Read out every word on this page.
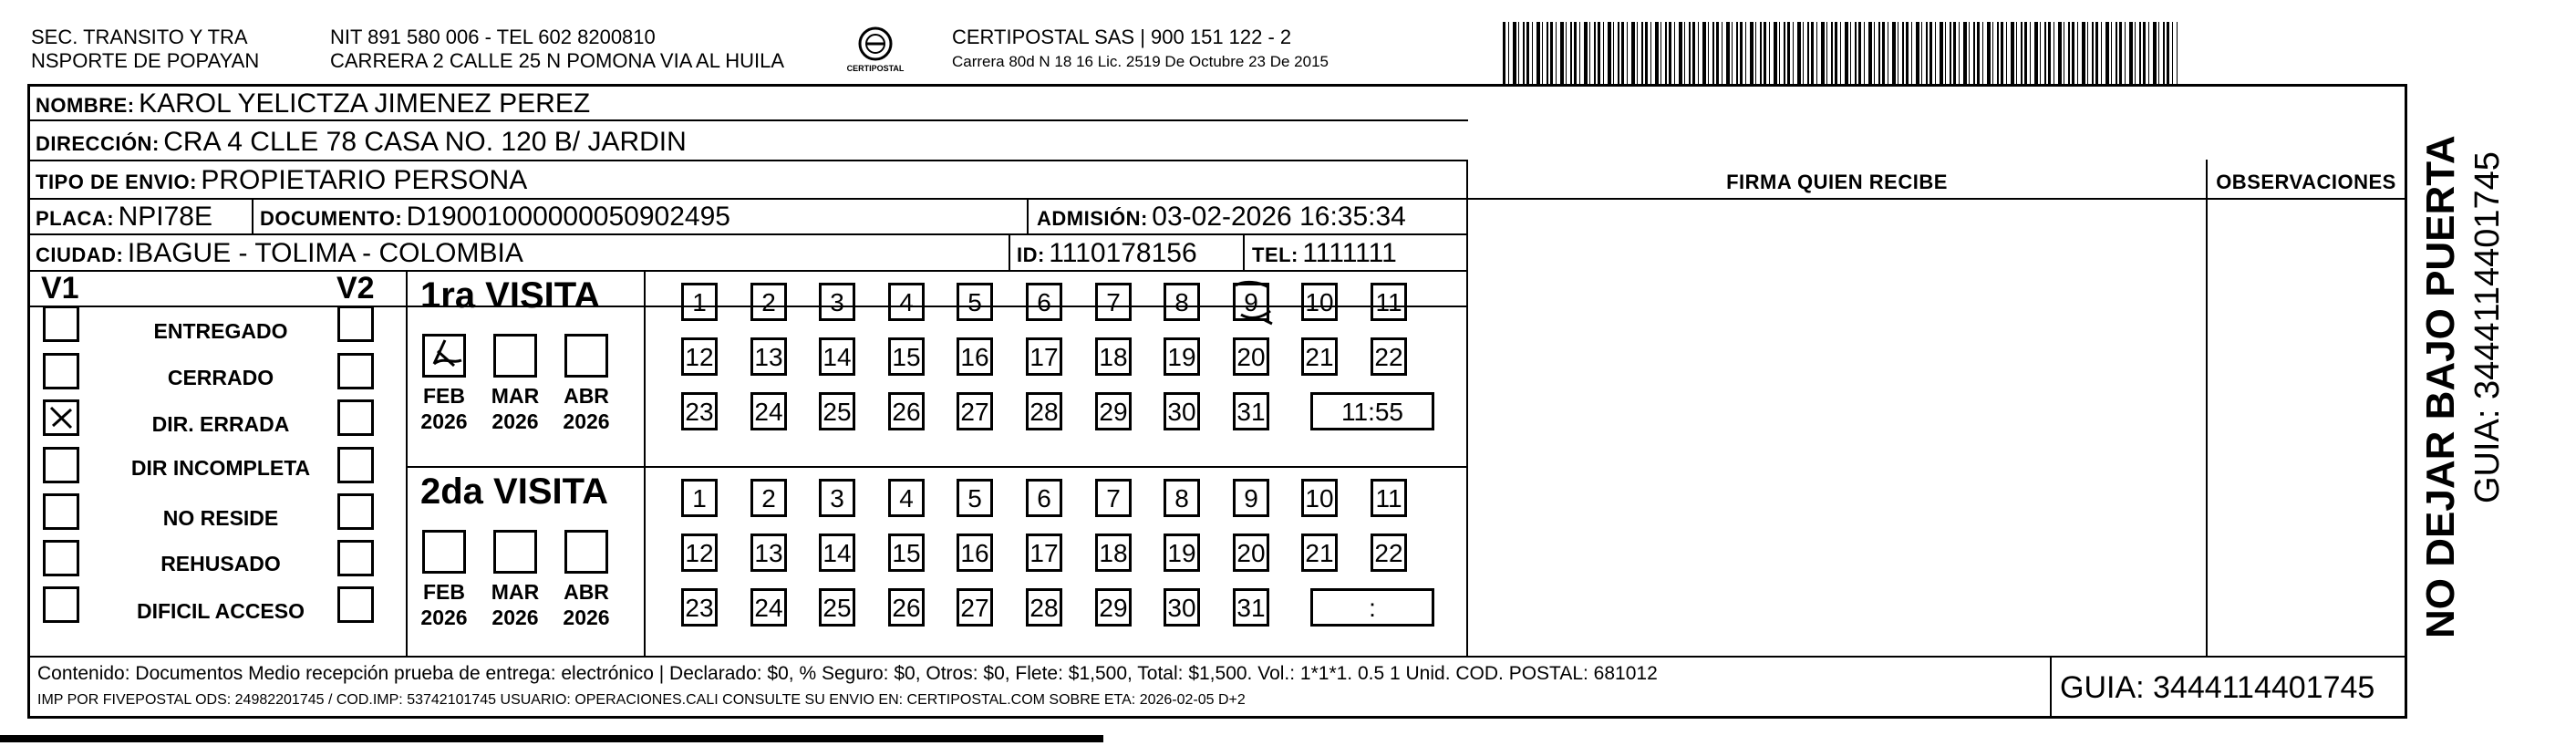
SEC. TRANSITO Y TRA
NSPORTE DE POPAYAN
NIT 891 580 006 - TEL 602 8200810
CARRERA 2 CALLE 25 N POMONA VIA AL HUILA	CERTIPOSTAL
CERTIPOSTAL SAS | 900 151 122 - 2
Carrera 80d N 18 16 Lic. 2519 De Octubre 23 De 2015
NOMBRE: KAROL YELICTZA JIMENEZ PEREZ
DIRECCIÓN: CRA 4 CLLE 78 CASA NO. 120 B/ JARDIN
TIPO DE ENVIO: PROPIETARIO PERSONA
PLACA: NPI78E DOCUMENTO: D19001000000050902495	ADMISIÓN: 03-02-2026 16:35:34
CIUDAD: IBAGUE - TOLIMA - COLOMBIA	ID: 1110178156	TEL: 1111111
FIRMA QUIEN RECIBE	OBSERVACIONES
V1	V2
ENTREGADO
CERRADO
DIR. ERRADA
DIR INCOMPLETA
NO RESIDE
REHUSADO
DIFICIL ACCESO
1ra VISITA
FEB
2026
MAR
2026
ABR
2026
1	2	3	4	5	6	7	8	9	10 11
12 13 14 15 16 17 18 19 20 21 22
23 24 25 26 27 28 29 30 31	11:55
2da VISITA
FEB
2026
MAR
2026
ABR
2026
1	2	3	4	5	6	7	8	9	10 11
12 13 14 15 16 17 18 19 20 21 22
23 24 25 26 27 28 29 30 31	:
Contenido: Documentos Medio recepción prueba de entrega: electrónico | Declarado: $0, % Seguro: $0, Otros: $0, Flete: $1,500, Total: $1,500. Vol.: 1*1*1. 0.5 1 Unid. COD. POSTAL: 681012
IMP POR FIVEPOSTAL ODS: 24982201745 / COD.IMP: 53742101745 USUARIO: OPERACIONES.CALI CONSULTE SU ENVIO EN: CERTIPOSTAL.COM SOBRE ETA: 2026-02-05 D+2	GUIA: 3444114401745
NO DEJAR BAJO PUERTA GUIA: 3444114401745
